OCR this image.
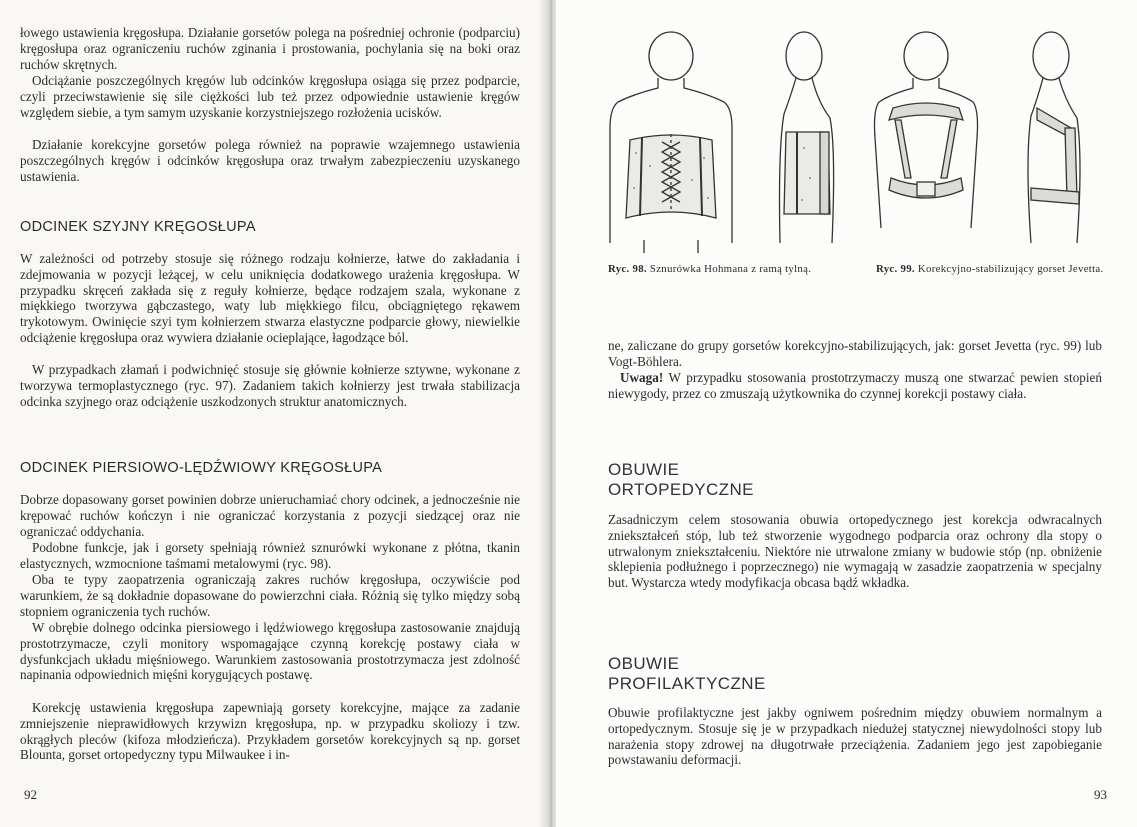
łowego ustawienia kręgosłupa. Działanie gorsetów polega na pośredniej ochronie (podparciu) kręgosłupa oraz ograniczeniu ruchów zginania i prostowania, pochylania się na boki oraz ruchów skrętnych.

Odciążanie poszczególnych kręgów lub odcinków kręgosłupa osiąga się przez podparcie, czyli przeciwstawienie się sile ciężkości lub też przez odpowiednie ustawienie kręgów względem siebie, a tym samym uzyskanie korzystniejszego rozłożenia ucisków.

Działanie korekcyjne gorsetów polega również na poprawie wzajemnego ustawienia poszczególnych kręgów i odcinków kręgosłupa oraz trwałym zabezpieczeniu uzyskanego ustawienia.

ODCINEK SZYJNY KRĘGOSŁUPA

W zależności od potrzeby stosuje się różnego rodzaju kołnierze, łatwe do zakładania i zdejmowania w pozycji leżącej, w celu uniknięcia dodatkowego urażenia kręgosłupa. W przypadku skręceń zakłada się z reguły kołnierze, będące rodzajem szala, wykonane z miękkiego tworzywa gąbczastego, waty lub miękkiego filcu, obciągniętego rękawem trykotowym. Owinięcie szyi tym kołnierzem stwarza elastyczne podparcie głowy, niewielkie odciążenie kręgosłupa oraz wywiera działanie ocieplające, łagodzące ból.

W przypadkach złamań i podwichnięć stosuje się głównie kołnierze sztywne, wykonane z tworzywa termoplastycznego (ryc. 97). Zadaniem takich kołnierzy jest trwała stabilizacja odcinka szyjnego oraz odciążenie uszkodzonych struktur anatomicznych.

ODCINEK PIERSIOWO-LĘDŹWIOWY KRĘGOSŁUPA

Dobrze dopasowany gorset powinien dobrze unieruchamiać chory odcinek, a jednocześnie nie krępować ruchów kończyn i nie ograniczać korzystania z pozycji siedzącej oraz nie ograniczać oddychania.

Podobne funkcje, jak i gorsety spełniają również sznurówki wykonane z płótna, tkanin elastycznych, wzmocnione taśmami metalowymi (ryc. 98).

Oba te typy zaopatrzenia ograniczają zakres ruchów kręgosłupa, oczywiście pod warunkiem, że są dokładnie dopasowane do powierzchni ciała. Różnią się tylko między sobą stopniem ograniczenia tych ruchów.

W obrębie dolnego odcinka piersiowego i lędźwiowego kręgosłupa zastosowanie znajdują prostotrzymacze, czyli monitory wspomagające czynną korekcję postawy ciała w dysfunkcjach układu mięśniowego. Warunkiem zastosowania prostotrzymacza jest zdolność napinania odpowiednich mięśni korygujących postawę.

Korekcję ustawienia kręgosłupa zapewniają gorsety korekcyjne, mające za zadanie zmniejszenie nieprawidłowych krzywizn kręgosłupa, np. w przypadku skoliozy i tzw. okrągłych pleców (kifoza młodzieńcza). Przykładem gorsetów korekcyjnych są np. gorset Blounta, gorset ortopedyczny typu Milwaukee i in-

92
Ryc. 98. Sznurówka Hohmana z ramą tylną.	Ryc. 99. Korekcyjno-stabilizujący gorset Jevetta.

ne, zaliczane do grupy gorsetów korekcyjno-stabilizujących, jak: gorset Jevetta (ryc. 99) lub Vogt-Böhlera.

Uwaga! W przypadku stosowania prostotrzymaczy muszą one stwarzać pewien stopień niewygody, przez co zmuszają użytkownika do czynnej korekcji postawy ciała.

OBUWIE
ORTOPEDYCZNE

Zasadniczym celem stosowania obuwia ortopedycznego jest korekcja odwracalnych zniekształceń stóp, lub też stworzenie wygodnego podparcia oraz ochrony dla stopy o utrwalonym zniekształceniu. Niektóre nie utrwalone zmiany w budowie stóp (np. obniżenie sklepienia podłużnego i poprzecznego) nie wymagają w zasadzie zaopatrzenia w specjalny but. Wystarcza wtedy modyfikacja obcasa bądź wkładka.

OBUWIE
PROFILAKTYCZNE

Obuwie profilaktyczne jest jakby ogniwem pośrednim między obuwiem normalnym a ortopedycznym. Stosuje się je w przypadkach niedużej statycznej niewydolności stopy lub narażenia stopy zdrowej na długotrwałe przeciążenia. Zadaniem jego jest zapobieganie powstawaniu deformacji.

93
